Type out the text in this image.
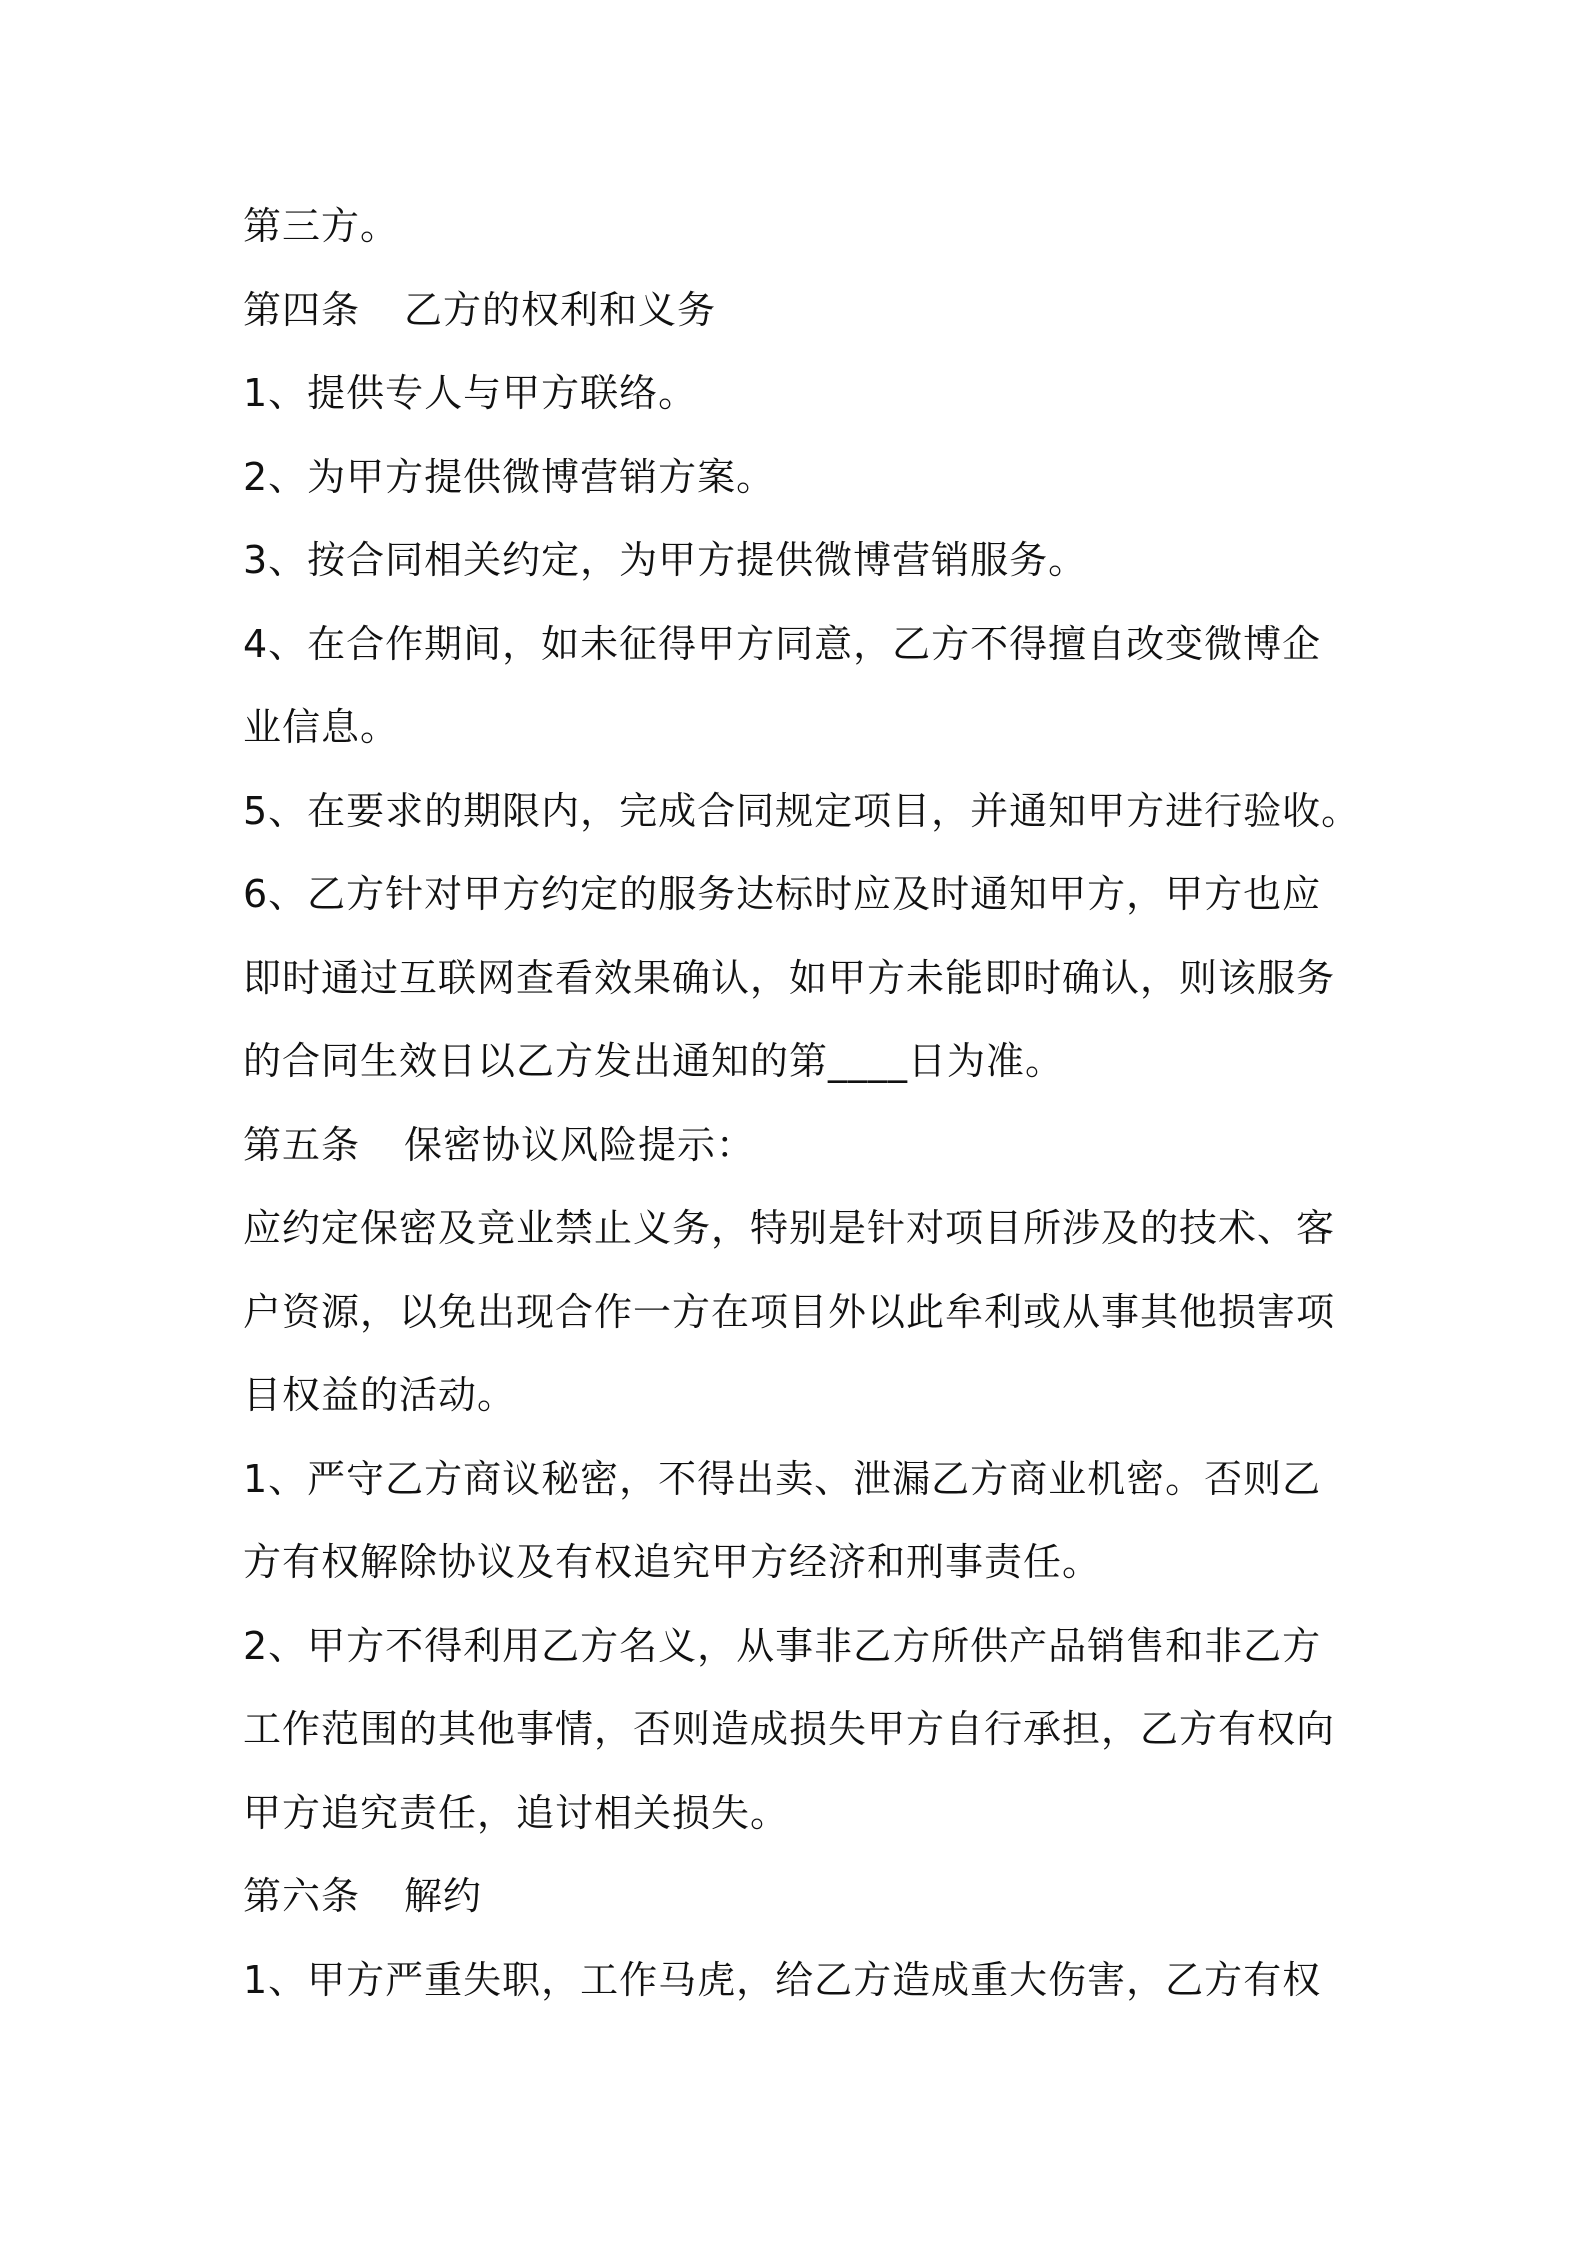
第三方。
第四条 乙方的权利和义务
1、提供专人与甲方联络。
2、为甲方提供微博营销方案。
3、按合同相关约定，为甲方提供微博营销服务。
4、在合作期间，如未征得甲方同意，乙方不得擅自改变微博企
业信息。
5、在要求的期限内，完成合同规定项目，并通知甲方进行验收。
6、乙方针对甲方约定的服务达标时应及时通知甲方，甲方也应
即时通过互联网查看效果确认，如甲方未能即时确认，则该服务
的合同生效日以乙方发出通知的第____日为准。
第五条 保密协议风险提示：
应约定保密及竞业禁止义务，特别是针对项目所涉及的技术、客
户资源，以免出现合作一方在项目外以此牟利或从事其他损害项
目权益的活动。
1、严守乙方商议秘密，不得出卖、泄漏乙方商业机密。否则乙
方有权解除协议及有权追究甲方经济和刑事责任。
2、甲方不得利用乙方名义，从事非乙方所供产品销售和非乙方
工作范围的其他事情，否则造成损失甲方自行承担，乙方有权向
甲方追究责任，追讨相关损失。
第六条 解约
1、甲方严重失职，工作马虎，给乙方造成重大伤害，乙方有权
